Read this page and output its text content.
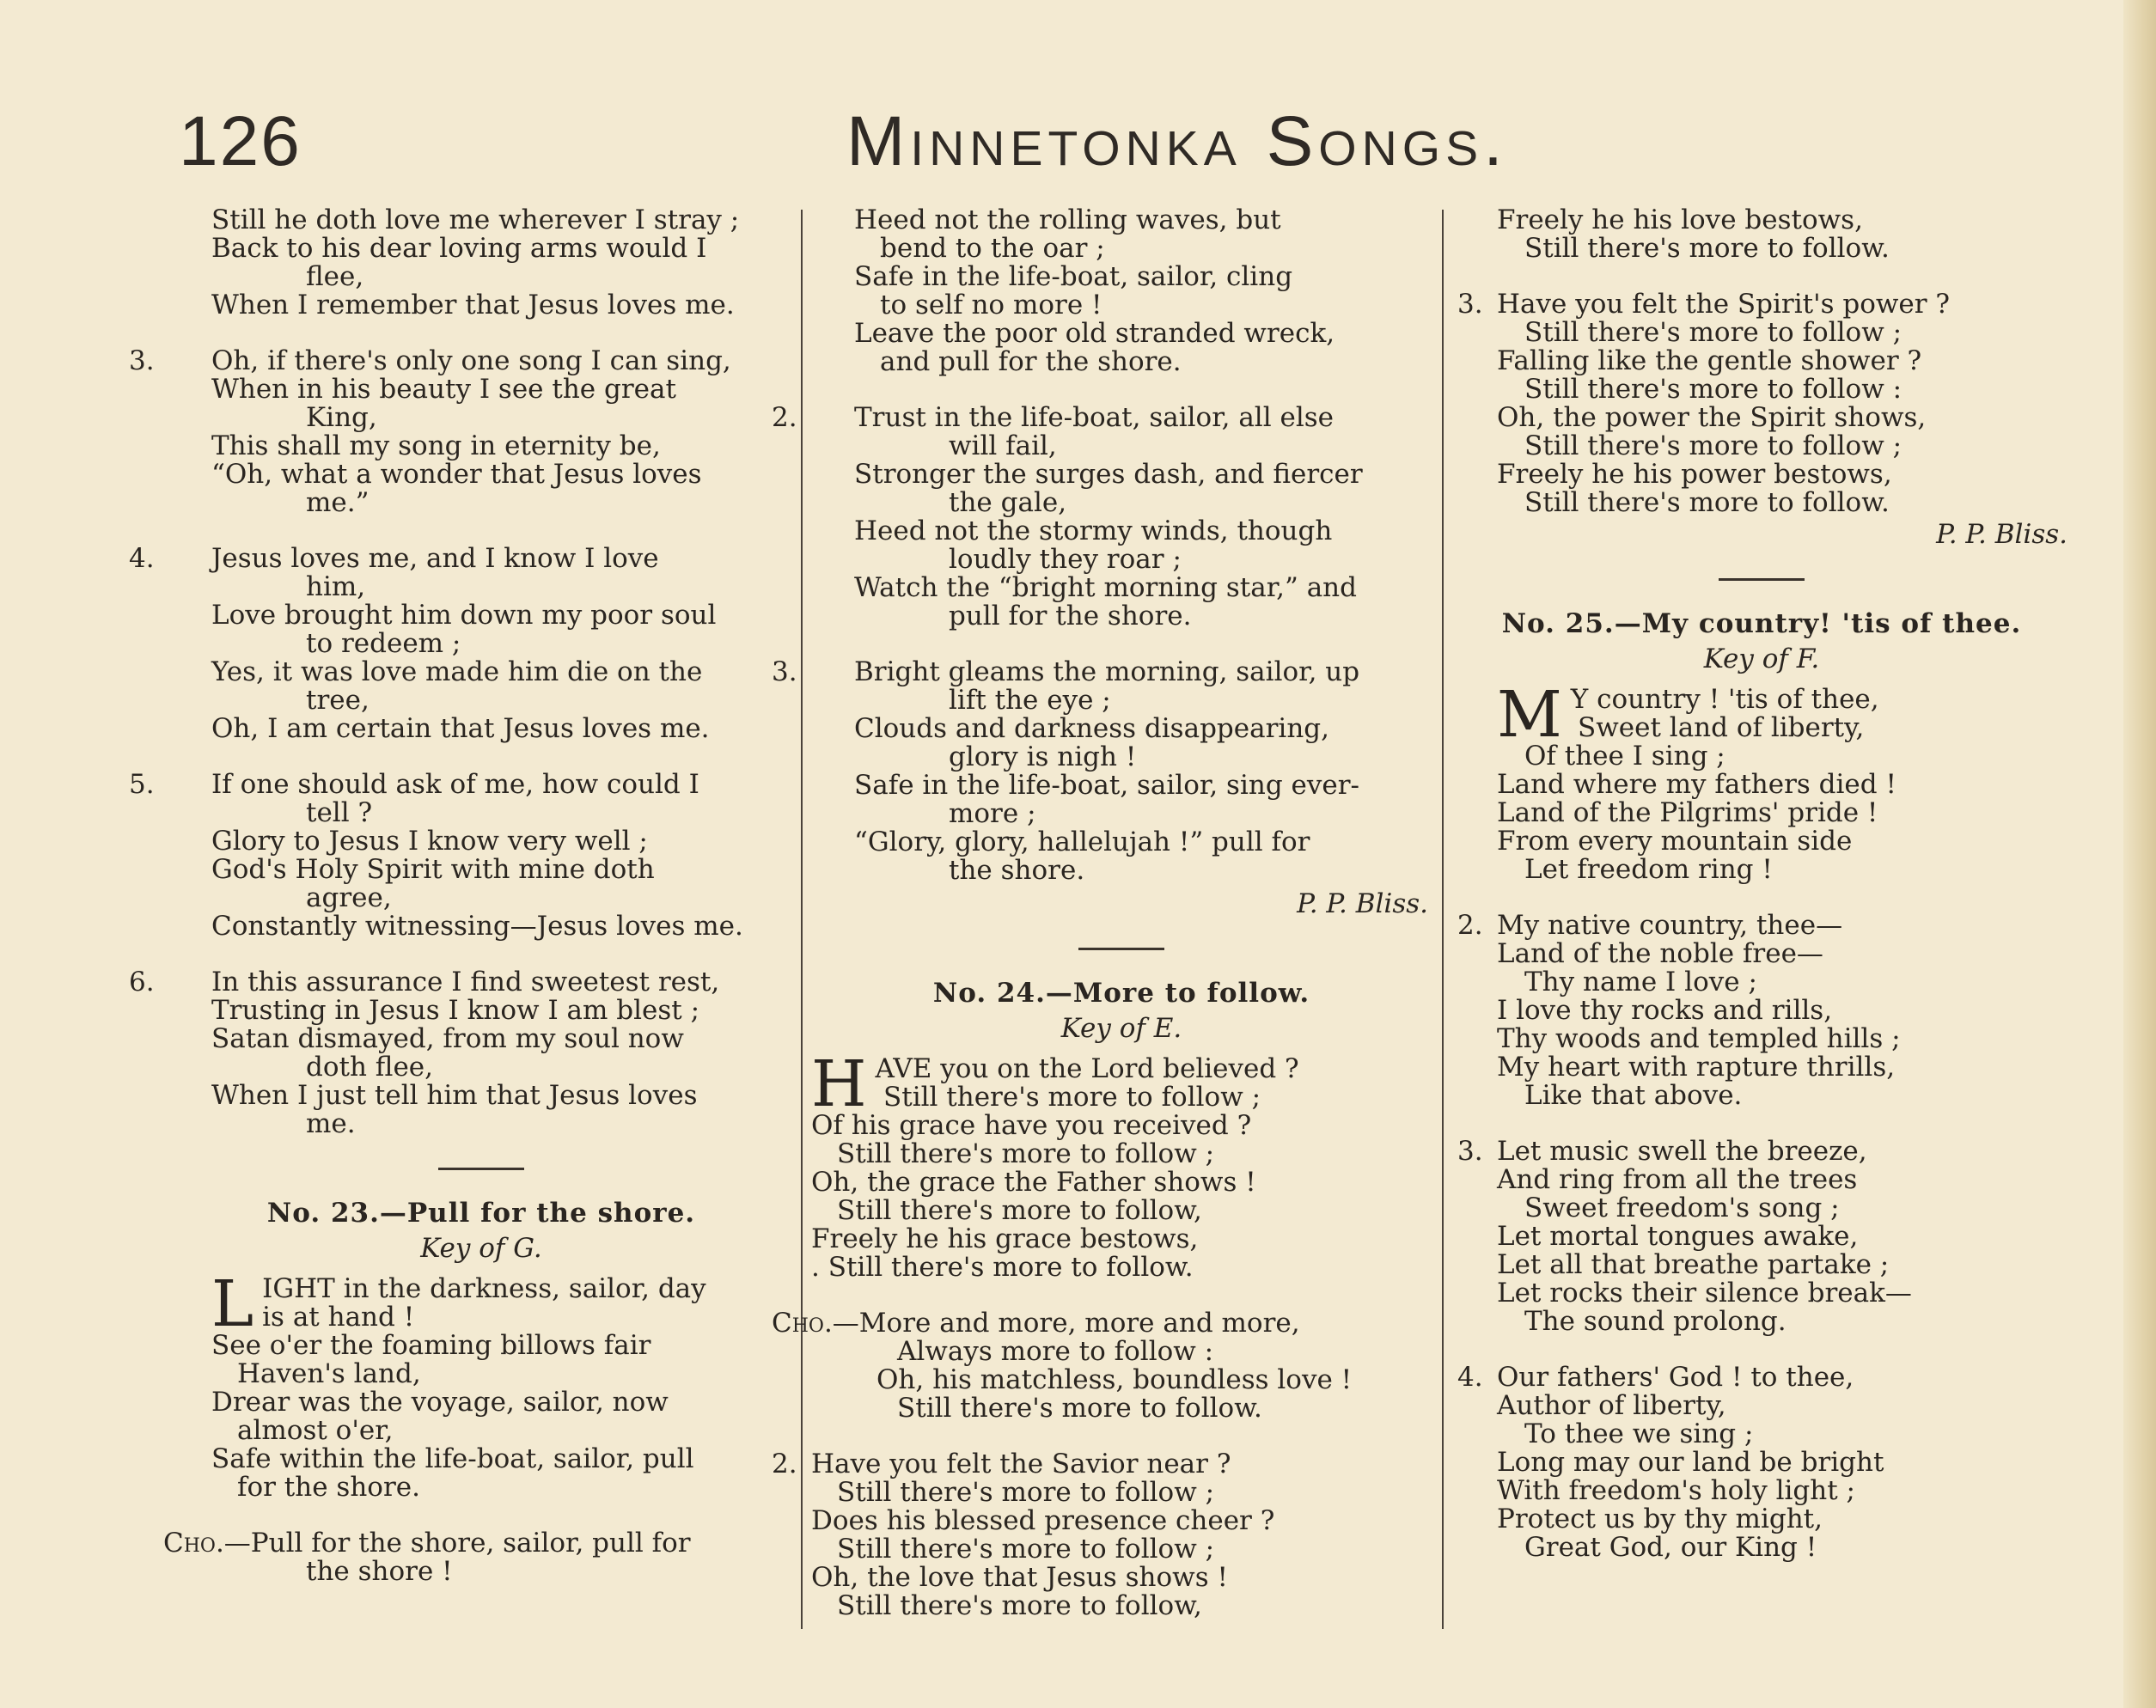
126	Minnetonka Songs.
Still he doth love me wherever I stray ;
Back to his dear loving arms would I
flee,
When I remember that Jesus loves me.
3. Oh, if there's only one song I can sing,
When in his beauty I see the great
King,
This shall my song in eternity be,
“Oh, what a wonder that Jesus loves
me.”
4. Jesus loves me, and I know I love
him,
Love brought him down my poor soul
to redeem ;
Yes, it was love made him die on the
tree,
Oh, I am certain that Jesus loves me.
5. If one should ask of me, how could I
tell ?
Glory to Jesus I know very well ;
God's Holy Spirit with mine doth
agree,
Constantly witnessing—Jesus loves me.
6. In this assurance I find sweetest rest,
Trusting in Jesus I know I am blest ;
Satan dismayed, from my soul now
doth flee,
When I just tell him that Jesus loves
me.
No. 23.—Pull for the shore.
Key of G.
LIGHT in the darkness, sailor, day
is at hand !
See o'er the foaming billows fair
Haven's land,
Drear was the voyage, sailor, now
almost o'er,
Safe within the life-boat, sailor, pull
for the shore.
Cho.—Pull for the shore, sailor, pull for
the shore !
Heed not the rolling waves, but
bend to the oar ;
Safe in the life-boat, sailor, cling
to self no more !
Leave the poor old stranded wreck,
and pull for the shore.
2. Trust in the life-boat, sailor, all else
will fail,
Stronger the surges dash, and fiercer
the gale,
Heed not the stormy winds, though
loudly they roar ;
Watch the “bright morning star,” and
pull for the shore.
3. Bright gleams the morning, sailor, up
lift the eye ;
Clouds and darkness disappearing,
glory is nigh !
Safe in the life-boat, sailor, sing ever-
more ;
“Glory, glory, hallelujah !” pull for
the shore.
P. P. Bliss.
No. 24.—More to follow.
Key of E.
HAVE you on the Lord believed ?
Still there's more to follow ;
Of his grace have you received ?
Still there's more to follow ;
Oh, the grace the Father shows !
Still there's more to follow,
Freely he his grace bestows,
. Still there's more to follow.
Cho.—More and more, more and more,
Always more to follow :
Oh, his matchless, boundless love !
Still there's more to follow.
2. Have you felt the Savior near ?
Still there's more to follow ;
Does his blessed presence cheer ?
Still there's more to follow ;
Oh, the love that Jesus shows !
Still there's more to follow,
Freely he his love bestows,
Still there's more to follow.
3. Have you felt the Spirit's power ?
Still there's more to follow ;
Falling like the gentle shower ?
Still there's more to follow :
Oh, the power the Spirit shows,
Still there's more to follow ;
Freely he his power bestows,
Still there's more to follow.
P. P. Bliss.
No. 25.—My country! 'tis of thee.
Key of F.
M Y country ! 'tis of thee,
Sweet land of liberty,
Of thee I sing ;
Land where my fathers died !
Land of the Pilgrims' pride !
From every mountain side
Let freedom ring !
2. My native country, thee—
Land of the noble free—
Thy name I love ;
I love thy rocks and rills,
Thy woods and templed hills ;
My heart with rapture thrills,
Like that above.
3. Let music swell the breeze,
And ring from all the trees
Sweet freedom's song ;
Let mortal tongues awake,
Let all that breathe partake ;
Let rocks their silence break—
The sound prolong.
4. Our fathers' God ! to thee,
Author of liberty,
To thee we sing ;
Long may our land be bright
With freedom's holy light ;
Protect us by thy might,
Great God, our King !
